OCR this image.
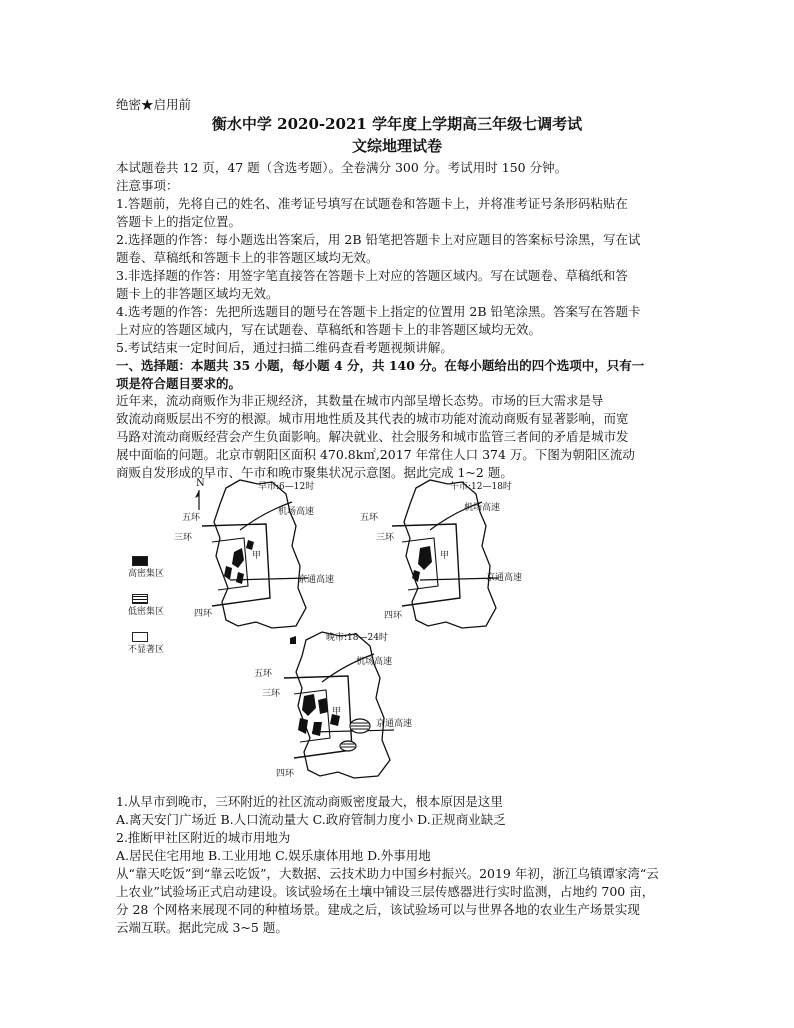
绝密★启用前
衡水中学 2020-2021 学年度上学期高三年级七调考试
文综地理试卷
本试题卷共 12 页，47 题（含选考题）。全卷满分 300 分。考试用时 150 分钟。
注意事项：
1.答题前，先将自己的姓名、准考证号填写在试题卷和答题卡上，并将准考证号条形码粘贴在
答题卡上的指定位置。
2.选择题的作答：每小题选出答案后，用 2B 铅笔把答题卡上对应题目的答案标号涂黑，写在试
题卷、草稿纸和答题卡上的非答题区域均无效。
3.非选择题的作答：用签字笔直接答在答题卡上对应的答题区域内。写在试题卷、草稿纸和答
题卡上的非答题区域均无效。
4.选考题的作答：先把所选题目的题号在答题卡上指定的位置用 2B 铅笔涂黑。答案写在答题卡
上对应的答题区域内，写在试题卷、草稿纸和答题卡上的非答题区域均无效。
5.考试结束一定时间后，通过扫描二维码查看考题视频讲解。
一、选择题：本题共 35 小题，每小题 4 分，共 140 分。在每小题给出的四个选项中，只有一
项是符合题目要求的。
近年来，流动商贩作为非正规经济，其数量在城市内部呈增长态势。市场的巨大需求是导
致流动商贩层出不穷的根源。城市用地性质及其代表的城市功能对流动商贩有显著影响，而宽
马路对流动商贩经营会产生负面影响。解决就业、社会服务和城市监管三者间的矛盾是城市发
展中面临的问题。北京市朝阳区面积 470.8k㎡,2017 年常住人口 374 万。下图为朝阳区流动
商贩自发形成的早市、午市和晚市聚集状况示意图。据此完成 1~2 题。
N
高密集区
低密集区
不显著区
早市:6—12时
五环
三环
机场高速
京通高速
四环
甲
午市:12—18时
五环
三环
机场高速
京通高速
四环
甲
晚市:18—24时
五环
三环
机场高速
京通高速
四环
甲
1.从早市到晚市，三环附近的社区流动商贩密度最大，根本原因是这里
A.离天安门广场近 B.人口流动量大 C.政府管制力度小 D.正规商业缺乏
2.推断甲社区附近的城市用地为
A.居民住宅用地 B.工业用地 C.娱乐康体用地 D.外事用地
从“靠天吃饭”到“靠云吃饭”，大数据、云技术助力中国乡村振兴。2019 年初，浙江乌镇谭家湾“云
上农业”试验场正式启动建设。该试验场在土壤中铺设三层传感器进行实时监测，占地约 700 亩，
分 28 个网格来展现不同的种植场景。建成之后，该试验场可以与世界各地的农业生产场景实现
云端互联。据此完成 3~5 题。
